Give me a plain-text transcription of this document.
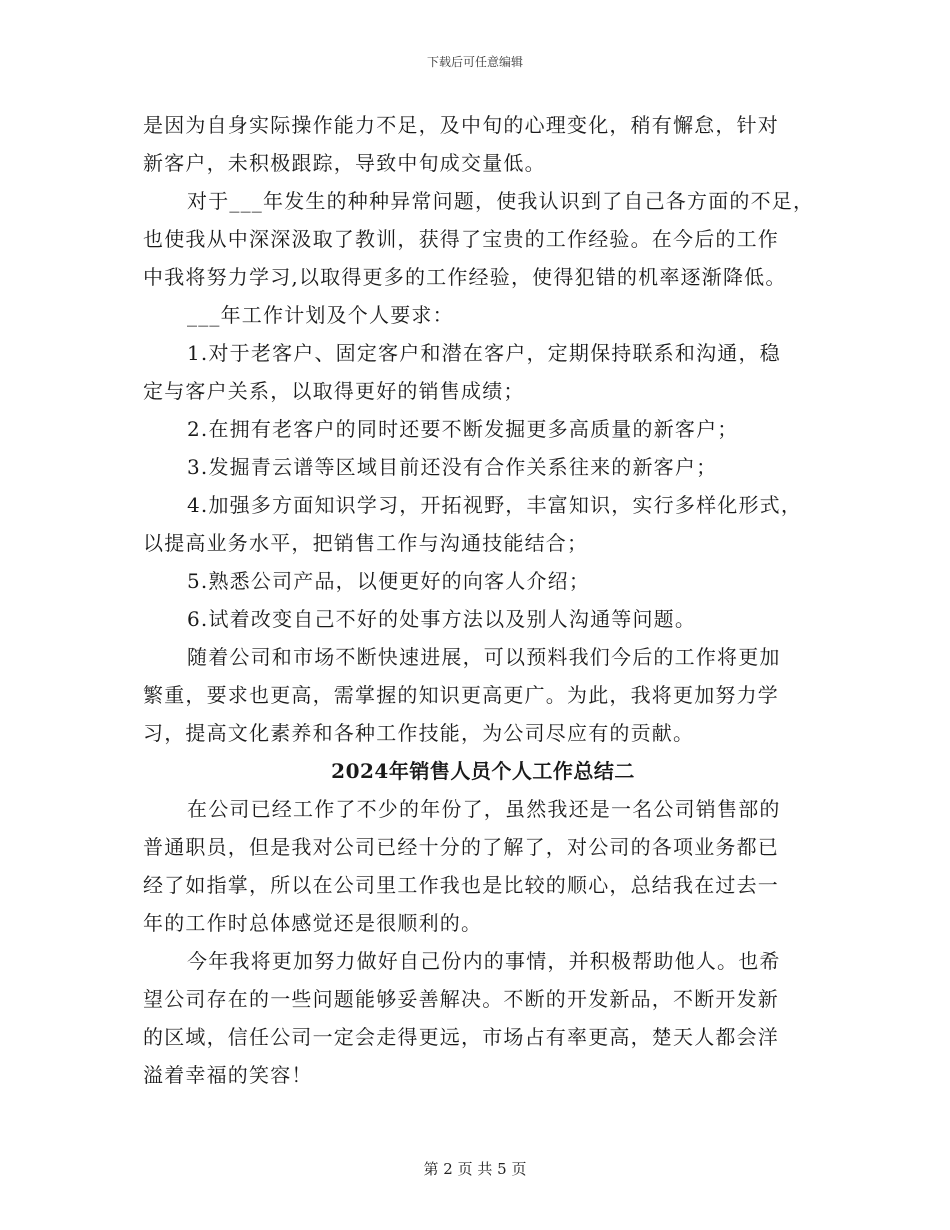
下载后可任意编辑
是因为自身实际操作能力不足，及中旬的心理变化，稍有懈怠，针对
新客户，未积极跟踪，导致中旬成交量低。
对于___年发生的种种异常问题，使我认识到了自己各方面的不足，
也使我从中深深汲取了教训，获得了宝贵的工作经验。在今后的工作
中我将努力学习,以取得更多的工作经验，使得犯错的机率逐渐降低。
___年工作计划及个人要求：
1.对于老客户、固定客户和潜在客户，定期保持联系和沟通，稳
定与客户关系，以取得更好的销售成绩；
2.在拥有老客户的同时还要不断发掘更多高质量的新客户；
3.发掘青云谱等区域目前还没有合作关系往来的新客户；
4.加强多方面知识学习，开拓视野，丰富知识，实行多样化形式，
以提高业务水平，把销售工作与沟通技能结合；
5.熟悉公司产品，以便更好的向客人介绍；
6.试着改变自己不好的处事方法以及别人沟通等问题。
随着公司和市场不断快速进展，可以预料我们今后的工作将更加
繁重，要求也更高，需掌握的知识更高更广。为此，我将更加努力学
习，提高文化素养和各种工作技能，为公司尽应有的贡献。
2024年销售人员个人工作总结二
在公司已经工作了不少的年份了，虽然我还是一名公司销售部的
普通职员，但是我对公司已经十分的了解了，对公司的各项业务都已
经了如指掌，所以在公司里工作我也是比较的顺心，总结我在过去一
年的工作时总体感觉还是很顺利的。
今年我将更加努力做好自己份内的事情，并积极帮助他人。也希
望公司存在的一些问题能够妥善解决。不断的开发新品，不断开发新
的区域，信任公司一定会走得更远，市场占有率更高，楚天人都会洋
溢着幸福的笑容！
第 2 页 共 5 页
